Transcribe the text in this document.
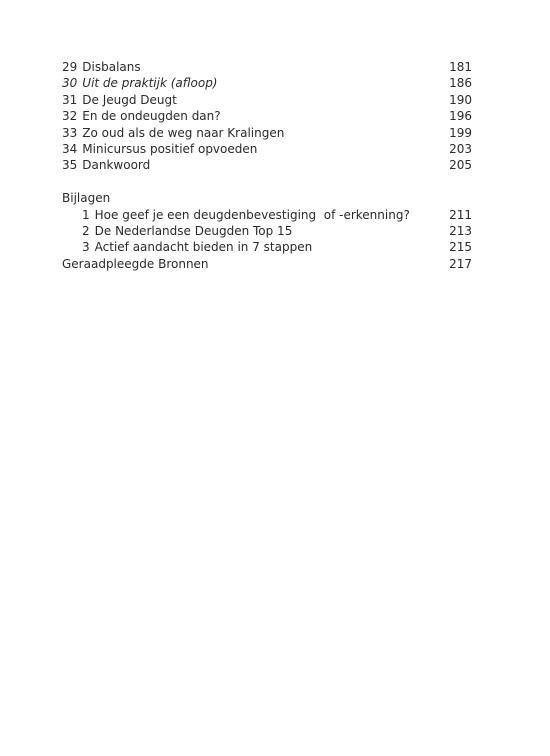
29 Disbalans	181
30 Uit de praktijk (afloop)	186
31 De Jeugd Deugt	190
32 En de ondeugden dan?	196
33 Zo oud als de weg naar Kralingen	199
34 Minicursus positief opvoeden	203
35 Dankwoord	205
Bijlagen
1 Hoe geef je een deugdenbevestiging  of -erkenning?	211
2 De Nederlandse Deugden Top 15	213
3 Actief aandacht bieden in 7 stappen	215
Geraadpleegde Bronnen	217
